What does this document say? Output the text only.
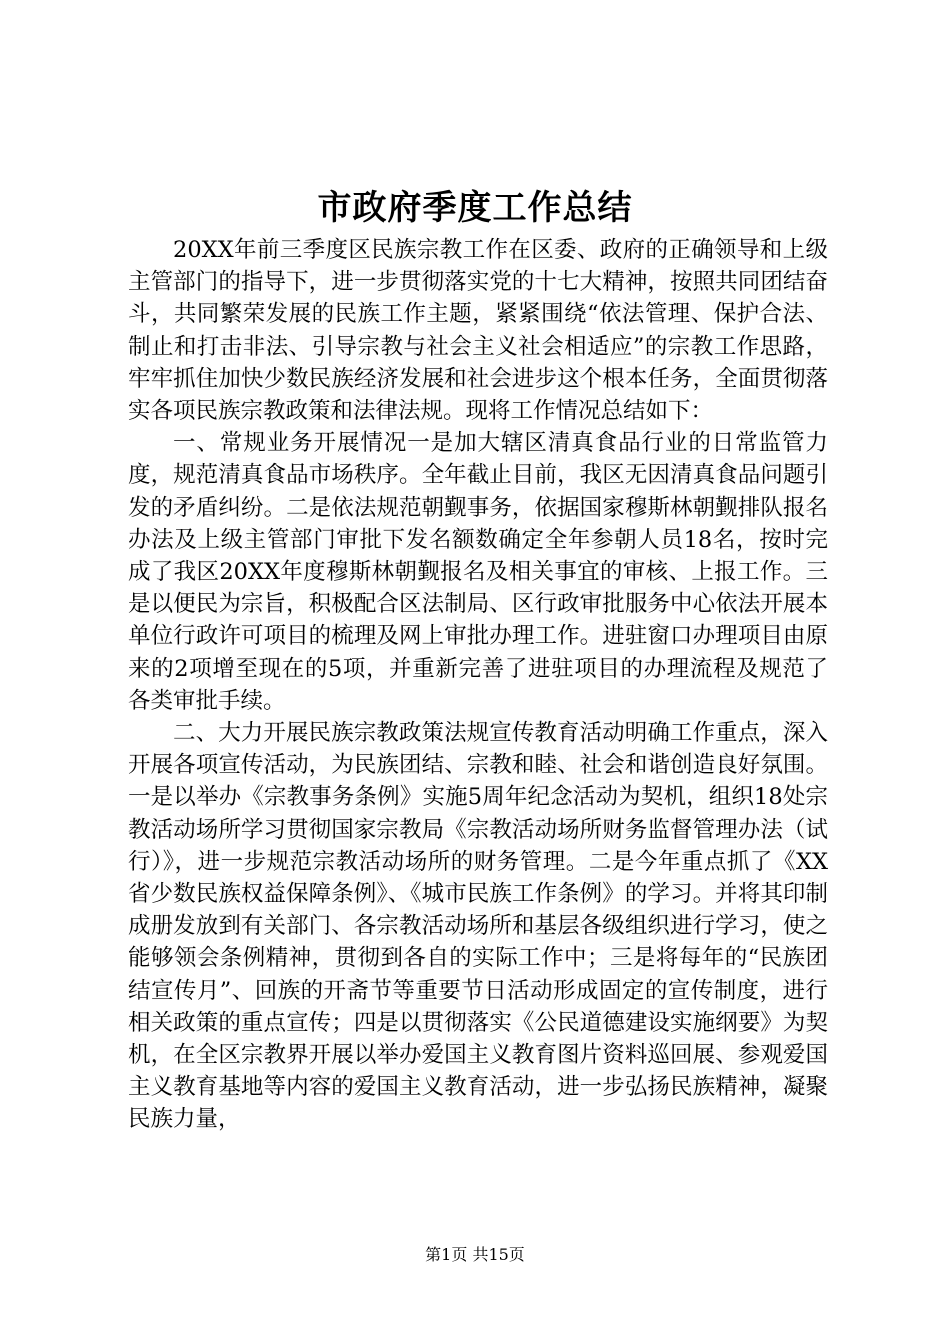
市政府季度工作总结

20XX年前三季度区民族宗教工作在区委、政府的正确领导和上级主管部门的指导下，进一步贯彻落实党的十七大精神，按照共同团结奋斗，共同繁荣发展的民族工作主题，紧紧围绕“依法管理、保护合法、制止和打击非法、引导宗教与社会主义社会相适应”的宗教工作思路，牢牢抓住加快少数民族经济发展和社会进步这个根本任务，全面贯彻落实各项民族宗教政策和法律法规。现将工作情况总结如下：

一、常规业务开展情况一是加大辖区清真食品行业的日常监管力度，规范清真食品市场秩序。全年截止目前，我区无因清真食品问题引发的矛盾纠纷。二是依法规范朝觐事务，依据国家穆斯林朝觐排队报名办法及上级主管部门审批下发名额数确定全年参朝人员18名，按时完成了我区20XX年度穆斯林朝觐报名及相关事宜的审核、上报工作。三是以便民为宗旨，积极配合区法制局、区行政审批服务中心依法开展本单位行政许可项目的梳理及网上审批办理工作。进驻窗口办理项目由原来的2项增至现在的5项，并重新完善了进驻项目的办理流程及规范了各类审批手续。

二、大力开展民族宗教政策法规宣传教育活动明确工作重点，深入开展各项宣传活动，为民族团结、宗教和睦、社会和谐创造良好氛围。一是以举办《宗教事务条例》实施5周年纪念活动为契机，组织18处宗教活动场所学习贯彻国家宗教局《宗教活动场所财务监督管理办法（试行）》，进一步规范宗教活动场所的财务管理。二是今年重点抓了《XX省少数民族权益保障条例》、《城市民族工作条例》的学习。并将其印制成册发放到有关部门、各宗教活动场所和基层各级组织进行学习，使之能够领会条例精神，贯彻到各自的实际工作中；三是将每年的“民族团结宣传月”、回族的开斋节等重要节日活动形成固定的宣传制度，进行相关政策的重点宣传；四是以贯彻落实《公民道德建设实施纲要》为契机，在全区宗教界开展以举办爱国主义教育图片资料巡回展、参观爱国主义教育基地等内容的爱国主义教育活动，进一步弘扬民族精神，凝聚民族力量，

第1页 共15页
